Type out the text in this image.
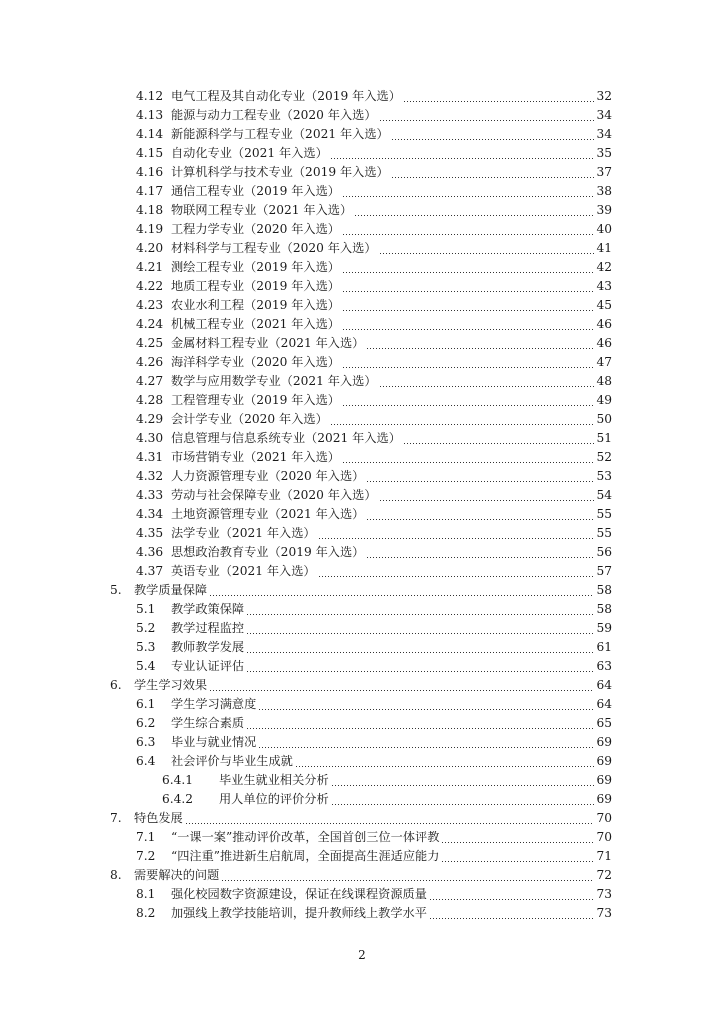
4.12 电气工程及其自动化专业（2019 年入选）	32
4.13 能源与动力工程专业（2020 年入选）	34
4.14 新能源科学与工程专业（2021 年入选）	34
4.15 自动化专业（2021 年入选）	35
4.16 计算机科学与技术专业（2019 年入选）	37
4.17 通信工程专业（2019 年入选）	38
4.18 物联网工程专业（2021 年入选）	39
4.19 工程力学专业（2020 年入选）	40
4.20 材料科学与工程专业（2020 年入选）	41
4.21 测绘工程专业（2019 年入选）	42
4.22 地质工程专业（2019 年入选）	43
4.23 农业水利工程（2019 年入选）	45
4.24 机械工程专业（2021 年入选）	46
4.25 金属材料工程专业（2021 年入选）	46
4.26 海洋科学专业（2020 年入选）	47
4.27 数学与应用数学专业（2021 年入选）	48
4.28 工程管理专业（2019 年入选）	49
4.29 会计学专业（2020 年入选）	50
4.30 信息管理与信息系统专业（2021 年入选）	51
4.31 市场营销专业（2021 年入选）	52
4.32 人力资源管理专业（2020 年入选）	53
4.33 劳动与社会保障专业（2020 年入选）	54
4.34 土地资源管理专业（2021 年入选）	55
4.35 法学专业（2021 年入选）	55
4.36 思想政治教育专业（2019 年入选）	56
4.37 英语专业（2021 年入选）	57
5.	教学质量保障	58
5.1	教学政策保障	58
5.2	教学过程监控	59
5.3	教师教学发展	61
5.4	专业认证评估	63
6.	学生学习效果	64
6.1	学生学习满意度	64
6.2	学生综合素质	65
6.3	毕业与就业情况	69
6.4	社会评价与毕业生成就	69
6.4.1	毕业生就业相关分析	69
6.4.2	用人单位的评价分析	69
7.	特色发展	70
7.1	“一课一案”推动评价改革，全国首创三位一体评教	70
7.2	“四注重”推进新生启航周，全面提高生涯适应能力	71
8.	需要解决的问题	72
8.1	强化校园数字资源建设，保证在线课程资源质量	73
8.2	加强线上教学技能培训，提升教师线上教学水平	73
2
